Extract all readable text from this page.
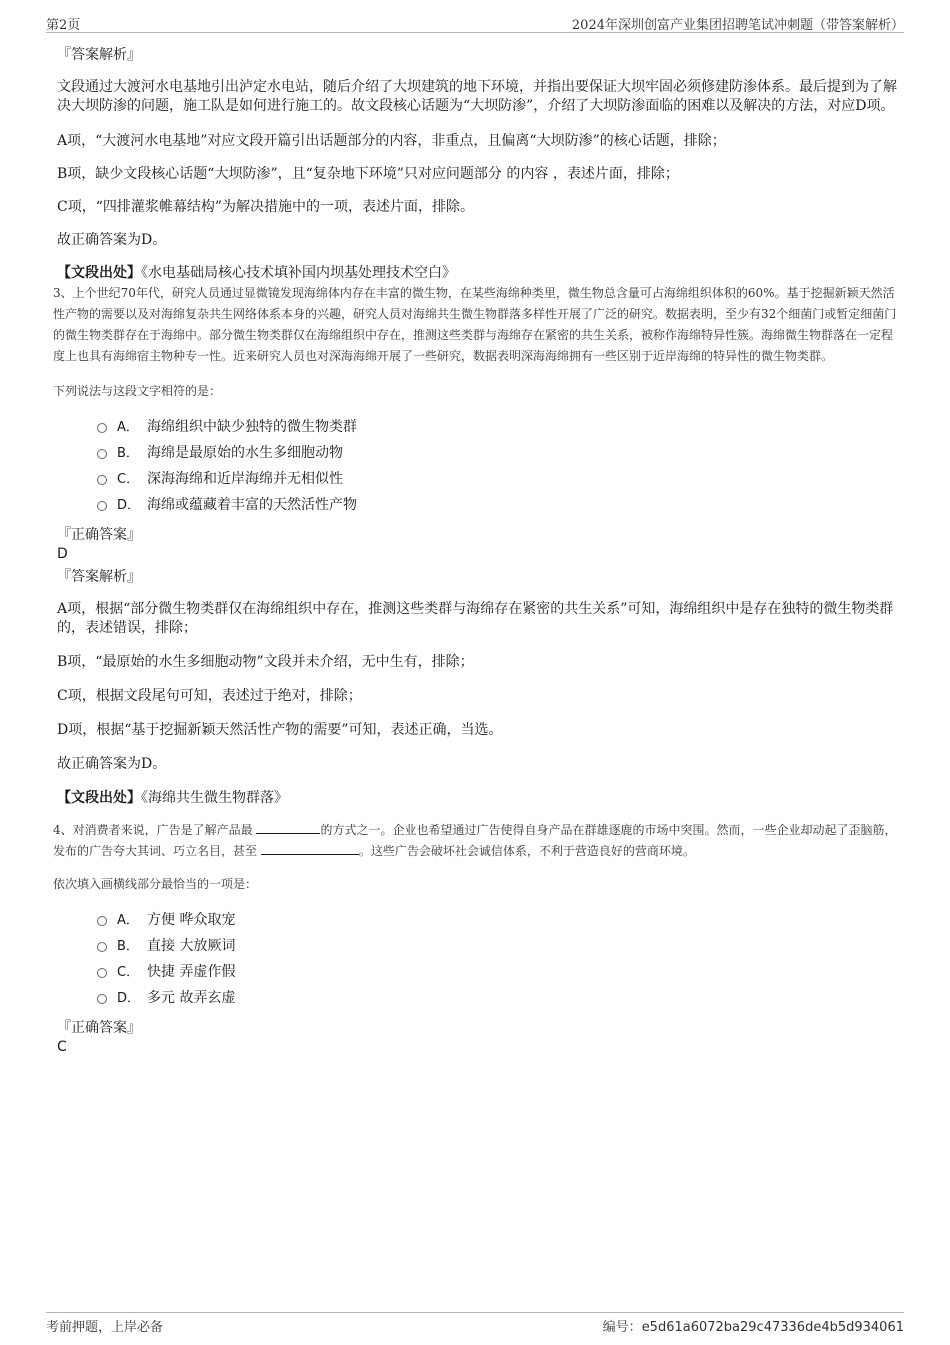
第2页	2024年深圳创富产业集团招聘笔试冲刺题（带答案解析）

『答案解析』

文段通过大渡河水电基地引出泸定水电站，随后介绍了大坝建筑的地下环境，并指出要保证大坝牢固必须修建防渗体系。最后提到为了解决大坝防渗的问题，施工队是如何进行施工的。故文段核心话题为“大坝防渗”，介绍了大坝防渗面临的困难以及解决的方法，对应D项。

A项，“大渡河水电基地”对应文段开篇引出话题部分的内容，非重点，且偏离“大坝防渗”的核心话题，排除；

B项，缺少文段核心话题“大坝防渗”，且“复杂地下环境”只对应问题部分 的内容 ，表述片面，排除；

C项，“四排灌浆帷幕结构”为解决措施中的一项，表述片面，排除。

故正确答案为D。

【文段出处】《水电基础局核心技术填补国内坝基处理技术空白》

3、上个世纪70年代，研究人员通过显微镜发现海绵体内存在丰富的微生物，在某些海绵种类里，微生物总含量可占海绵组织体积的60%。基于挖掘新颖天然活性产物的需要以及对海绵复杂共生网络体系本身的兴趣，研究人员对海绵共生微生物群落多样性开展了广泛的研究。数据表明，至少有32个细菌门或暂定细菌门的微生物类群存在于海绵中。部分微生物类群仅在海绵组织中存在，推测这些类群与海绵存在紧密的共生关系，被称作海绵特异性簇。海绵微生物群落在一定程度上也具有海绵宿主物种专一性。近来研究人员也对深海海绵开展了一些研究，数据表明深海海绵拥有一些区别于近岸海绵的特异性的微生物类群。

下列说法与这段文字相符的是：

A． 海绵组织中缺少独特的微生物类群
B． 海绵是最原始的水生多细胞动物
C． 深海海绵和近岸海绵并无相似性
D． 海绵或蕴藏着丰富的天然活性产物

『正确答案』

D

『答案解析』

A项，根据“部分微生物类群仅在海绵组织中存在，推测这些类群与海绵存在紧密的共生关系”可知，海绵组织中是存在独特的微生物类群的，表述错误，排除；

B项，“最原始的水生多细胞动物”文段并未介绍，无中生有，排除；

C项，根据文段尾句可知，表述过于绝对，排除；

D项，根据“基于挖掘新颖天然活性产物的需要”可知，表述正确，当选。

故正确答案为D。

【文段出处】《海绵共生微生物群落》

4、对消费者来说，广告是了解产品最	的方式之一。企业也希望通过广告使得自身产品在群雄逐鹿的市场中突围。然而，一些企业却动起了歪脑筋，发布的广告夸大其词、巧立名目，甚至	。这些广告会破坏社会诚信体系，不利于营造良好的营商环境。

依次填入画横线部分最恰当的一项是：

A． 方便 哗众取宠
B． 直接 大放厥词
C． 快捷 弄虚作假
D． 多元 故弄玄虚

『正确答案』

C

考前押题，上岸必备	编号：e5d61a6072ba29c47336de4b5d934061
